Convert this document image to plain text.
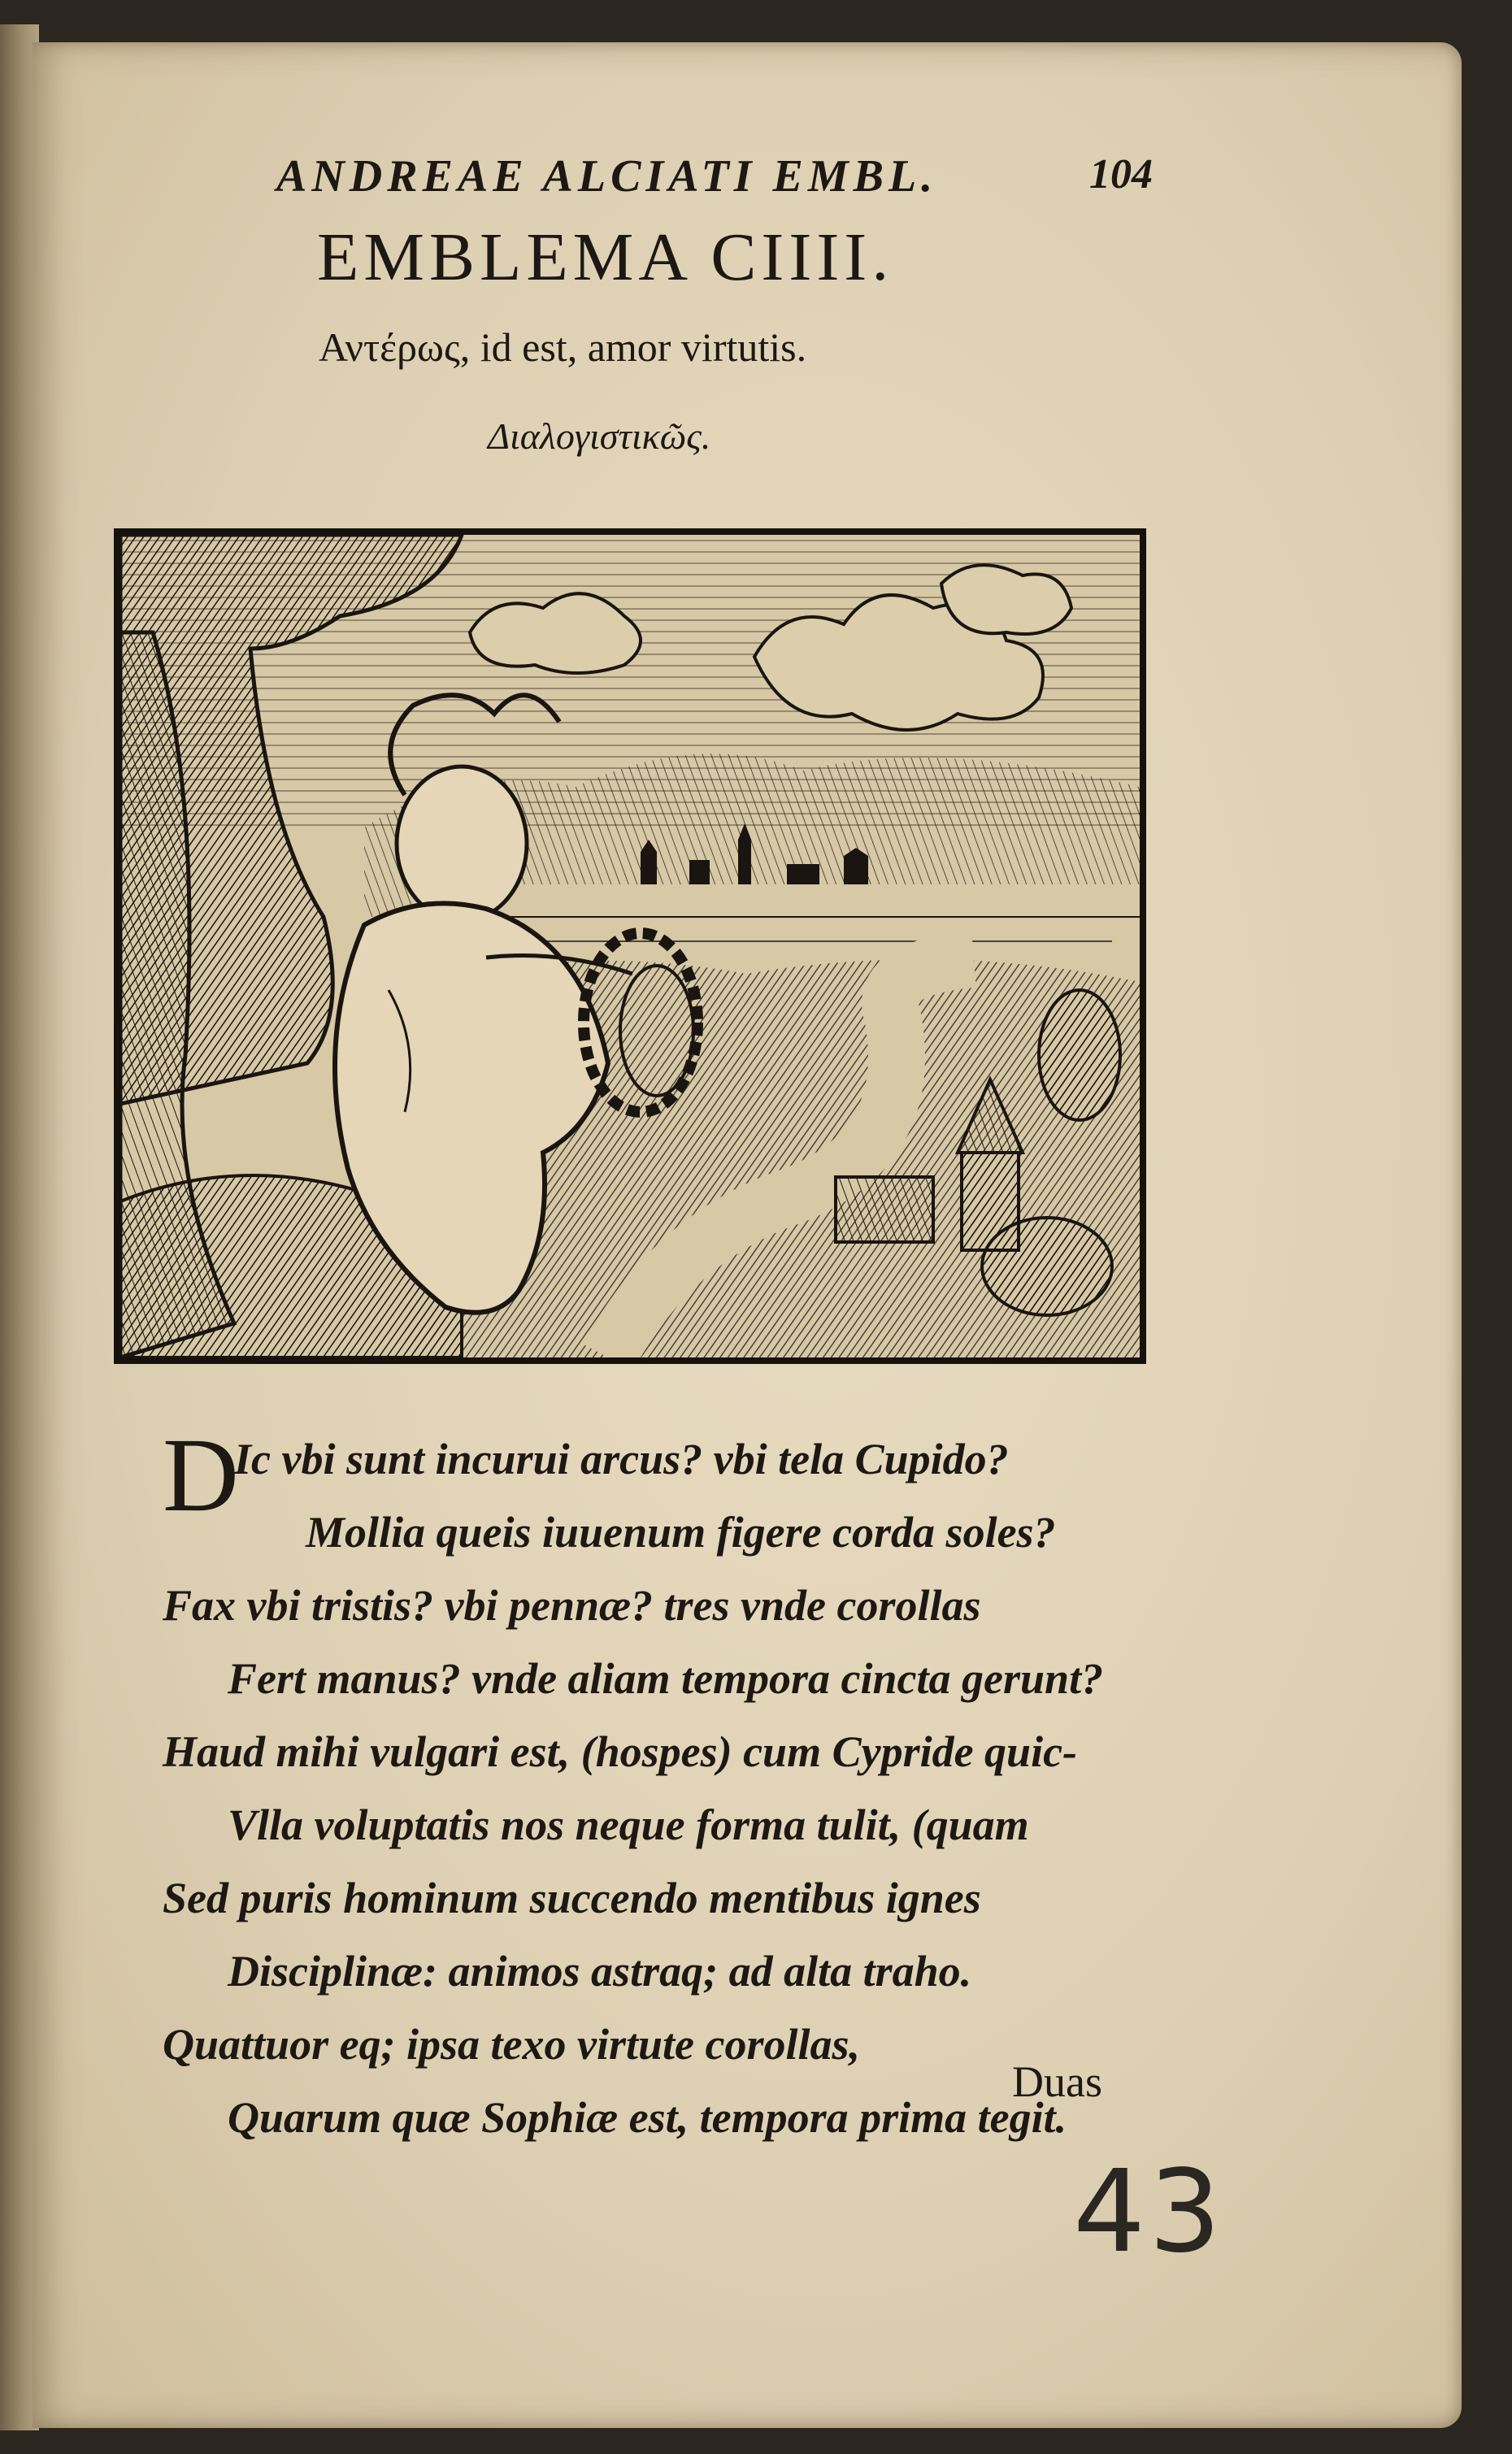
ANDREAE ALCIATI EMBL.	104
EMBLEMA CIIII.
Αντέρως, id est, amor virtutis.
Διαλογιστικῶς.
D
Ic vbi sunt incurui arcus? vbi tela Cupido?
Mollia queis iuuenum figere corda soles?
Fax vbi tristis? vbi pennæ? tres vnde corollas
Fert manus? vnde aliam tempora cincta gerunt?
Haud mihi vulgari est, (hospes) cum Cypride quic-
Vlla voluptatis nos neque forma tulit, (quam
Sed puris hominum succendo mentibus ignes
Disciplinæ: animos astraq; ad alta traho.
Quattuor eq; ipsa texo virtute corollas,
Quarum quæ Sophiæ est, tempora prima tegit.
Duas
43
